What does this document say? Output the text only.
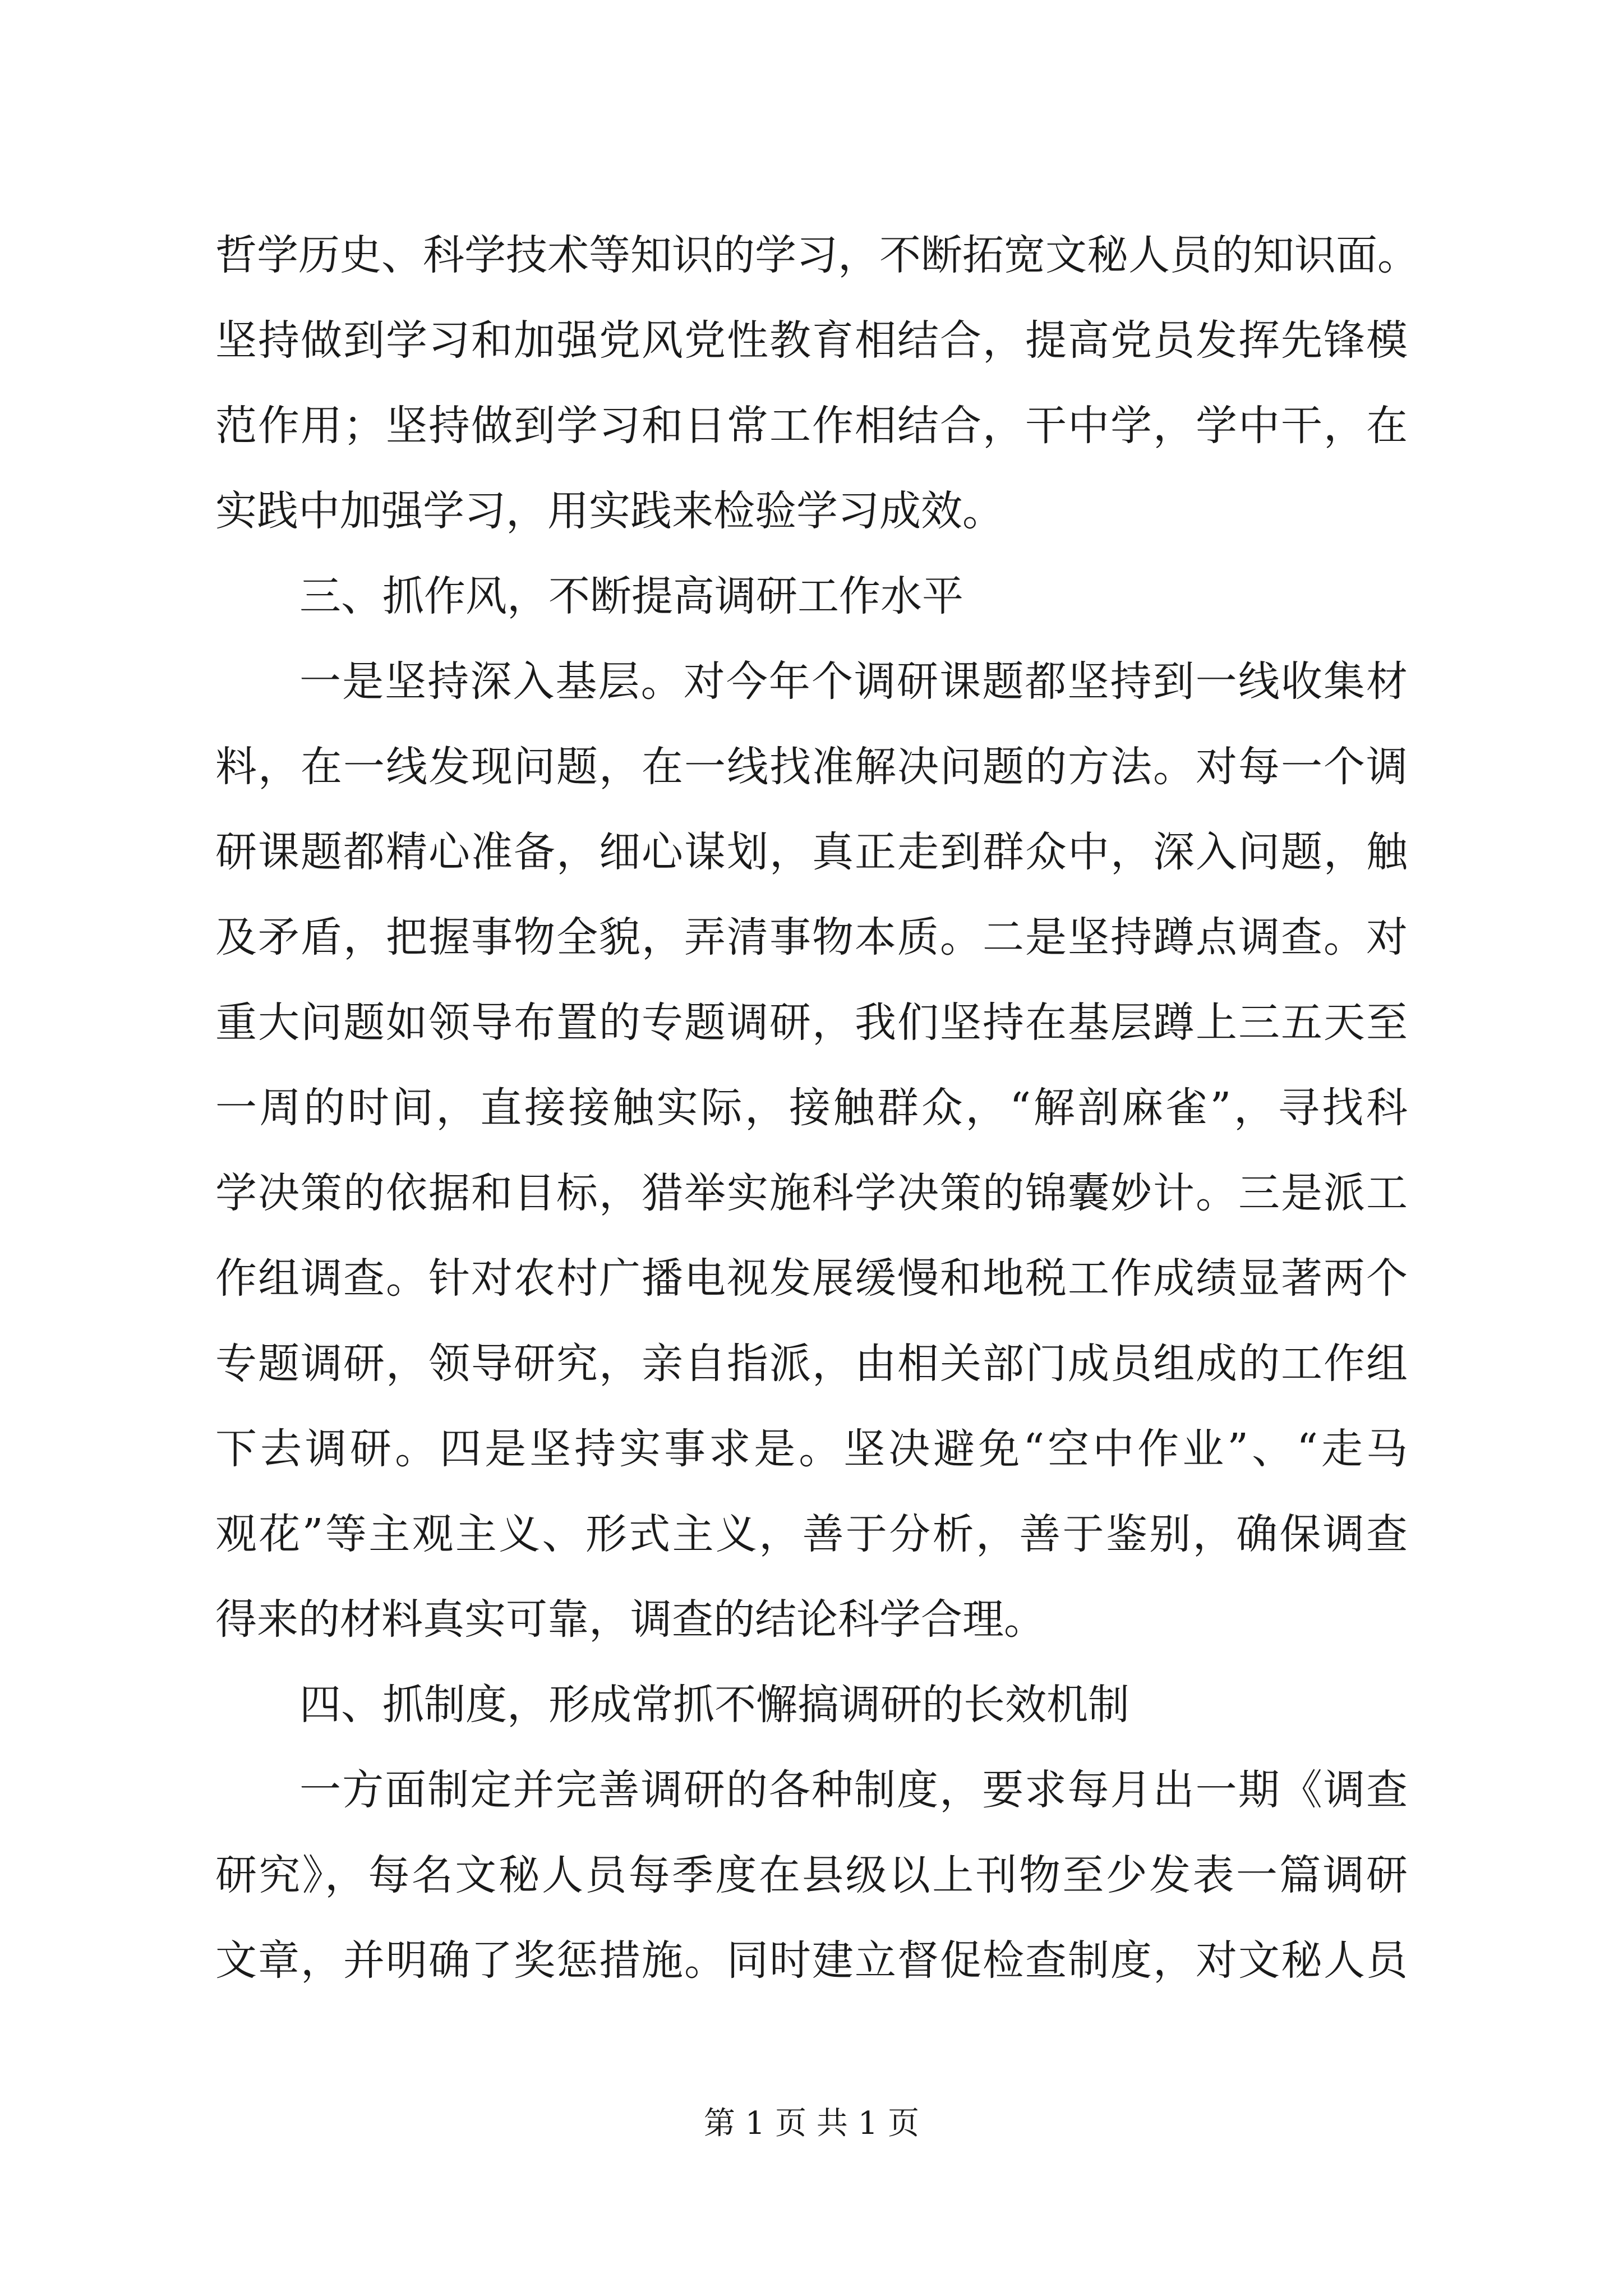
哲学历史、科学技术等知识的学习，不断拓宽文秘人员的知识面。
坚持做到学习和加强党风党性教育相结合，提高党员发挥先锋模
范作用；坚持做到学习和日常工作相结合，干中学，学中干，在
实践中加强学习，用实践来检验学习成效。
三、抓作风，不断提高调研工作水平
一是坚持深入基层。对今年个调研课题都坚持到一线收集材
料，在一线发现问题，在一线找准解决问题的方法。对每一个调
研课题都精心准备，细心谋划，真正走到群众中，深入问题，触
及矛盾，把握事物全貌，弄清事物本质。二是坚持蹲点调查。对
重大问题如领导布置的专题调研，我们坚持在基层蹲上三五天至
一周的时间，直接接触实际，接触群众，“解剖麻雀”，寻找科
学决策的依据和目标，猎举实施科学决策的锦囊妙计。三是派工
作组调查。针对农村广播电视发展缓慢和地税工作成绩显著两个
专题调研，领导研究，亲自指派，由相关部门成员组成的工作组
下去调研。四是坚持实事求是。坚决避免“空中作业”、“走马
观花”等主观主义、形式主义，善于分析，善于鉴别，确保调查
得来的材料真实可靠，调查的结论科学合理。
四、抓制度，形成常抓不懈搞调研的长效机制
一方面制定并完善调研的各种制度，要求每月出一期《调查
研究》，每名文秘人员每季度在县级以上刊物至少发表一篇调研
文章，并明确了奖惩措施。同时建立督促检查制度，对文秘人员
第 1 页 共 1 页
